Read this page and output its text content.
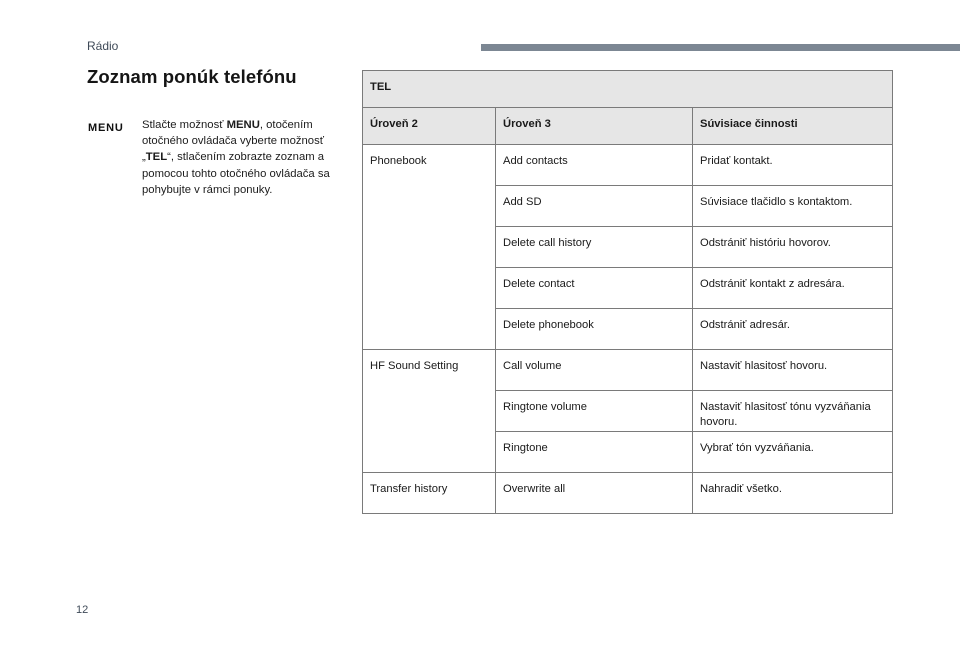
Rádio
Zoznam ponúk telefónu
MENU Stlačte možnosť MENU, otočením otočného ovládača vyberte možnosť „TEL“, stlačením zobrazte zoznam a pomocou tohto otočného ovládača sa pohybujte v rámci ponuky.
TEL		
Úroveň 2	Úroveň 3	Súvisiace činnosti
Phonebook	Add contacts	Pridať kontakt.
	Add SD	Súvisiace tlačidlo s kontaktom.
	Delete call history	Odstrániť históriu hovorov.
	Delete contact	Odstrániť kontakt z adresára.
	Delete phonebook	Odstrániť adresár.
HF Sound Setting	Call volume	Nastaviť hlasitosť hovoru.
	Ringtone volume	Nastaviť hlasitosť tónu vyzváňania hovoru.
	Ringtone	Vybrať tón vyzváňania.
Transfer history	Overwrite all	Nahradiť všetko.
12
